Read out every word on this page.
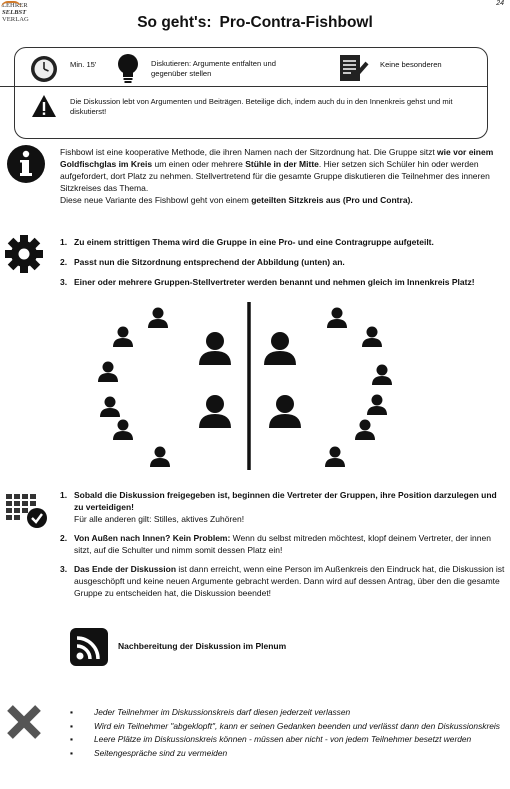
LEHRER
SELBST
VERLAG
24
So geht's: Pro-Contra-Fishbowl
Min. 15'	Diskutieren: Argumente entfalten und gegenüber stellen
Keine besonderen
Die Diskussion lebt von Argumenten und Beiträgen. Beteilige dich, indem auch du in den Innenkreis gehst und mit diskutierst!
Fishbowl ist eine kooperative Methode, die ihren Namen nach der Sitzordnung hat. Die Gruppe sitzt wie vor einem Goldfischglas im Kreis um einen oder mehrere Stühle in der Mitte. Hier setzen sich Schüler hin oder werden aufgefordert, dort Platz zu nehmen. Stellvertretend für die gesamte Gruppe diskutieren die Teilnehmer des inneren Sitzkreises das Thema.
Diese neue Variante des Fishbowl geht von einem geteilten Sitzkreis aus (Pro und Contra).
1. Zu einem strittigen Thema wird die Gruppe in eine Pro- und eine Contragruppe aufgeteilt.
2. Passt nun die Sitzordnung entsprechend der Abbildung (unten) an.
3. Einer oder mehrere Gruppen-Stellvertreter werden benannt und nehmen gleich im Innenkreis Platz!
1. Sobald die Diskussion freigegeben ist, beginnen die Vertreter der Gruppen, ihre Position darzulegen und zu verteidigen!
Für alle anderen gilt: Stilles, aktives Zuhören!
2. Von Außen nach Innen? Kein Problem: Wenn du selbst mitreden möchtest, klopf deinem Vertreter, der innen sitzt, auf die Schulter und nimm somit dessen Platz ein!
3. Das Ende der Diskussion ist dann erreicht, wenn eine Person im Außenkreis den Eindruck hat, die Diskussion ist ausgeschöpft und keine neuen Argumente gebracht werden. Dann wird auf dessen Antrag, über den die gesamte Gruppe zu entscheiden hat, die Diskussion beendet!
Nachbereitung der Diskussion im Plenum
▪	Jeder Teilnehmer im Diskussionskreis darf diesen jederzeit verlassen
▪	Wird ein Teilnehmer "abgeklopft", kann er seinen Gedanken beenden und verlässt dann den Diskussionskreis
▪	Leere Plätze im Diskussionskreis können - müssen aber nicht - von jedem Teilnehmer besetzt werden
▪	Seitengespräche sind zu vermeiden
